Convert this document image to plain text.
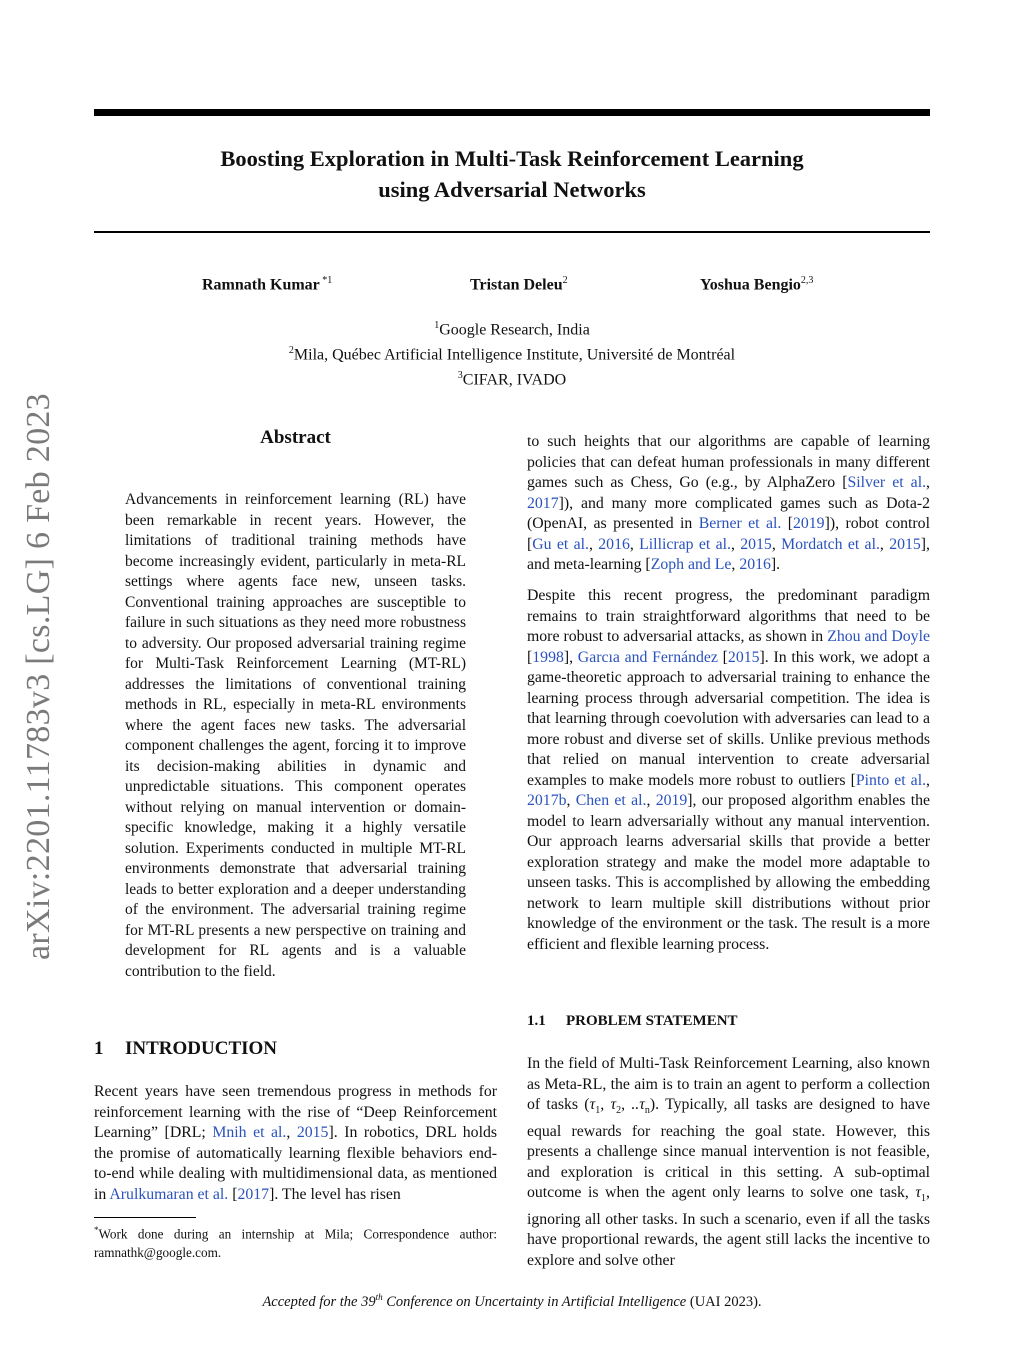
Boosting Exploration in Multi-Task Reinforcement Learning
using Adversarial Networks
Ramnath Kumar $^{*1}$	Tristan Deleu$^2$	Yoshua Bengio$^{2,3}$
$^1$Google Research, India
$^2$Mila, Québec Artificial Intelligence Institute, Université de Montréal
$^3$CIFAR, IVADO
arXiv:2201.11783v3 [cs.LG] 6 Feb 2023	Abstract
Advancements in reinforcement learning (RL) have been remarkable in recent years. However, the limitations of traditional training methods have become increasingly evident, particularly in meta-RL settings where agents face new, unseen tasks. Conventional training approaches are susceptible to failure in such situations as they need more robustness to adversity. Our proposed adversarial training regime for Multi-Task Reinforcement Learning (MT-RL) addresses the limitations of conventional training methods in RL, especially in meta-RL environments where the agent faces new tasks. The adversarial component challenges the agent, forcing it to improve its decision-making abilities in dynamic and unpredictable situations. This component operates without relying on manual intervention or domain-specific knowledge, making it a highly versatile solution. Experiments conducted in multiple MT-RL environments demonstrate that adversarial training leads to better exploration and a deeper understanding of the environment. The adversarial training regime for MT-RL presents a new perspective on training and development for RL agents and is a valuable contribution to the field.
1 INTRODUCTION

Recent years have seen tremendous progress in methods for reinforcement learning with the rise of “Deep Reinforcement Learning” [DRL; Mnih et al., 2015]. In robotics, DRL holds the promise of automatically learning flexible behaviors end-to-end while dealing with multidimensional data, as mentioned in Arulkumaran et al. [2017]. The level has risen

*Work done during an internship at Mila; Correspondence author: ramnathk@google.com.

to such heights that our algorithms are capable of learning policies that can defeat human professionals in many different games such as Chess, Go (e.g., by AlphaZero [Silver et al., 2017]), and many more complicated games such as Dota-2 (OpenAI, as presented in Berner et al. [2019]), robot control [Gu et al., 2016, Lillicrap et al., 2015, Mordatch et al., 2015], and meta-learning [Zoph and Le, 2016].

Despite this recent progress, the predominant paradigm remains to train straightforward algorithms that need to be more robust to adversarial attacks, as shown in Zhou and Doyle [1998], Garcıa and Fernández [2015]. In this work, we adopt a game-theoretic approach to adversarial training to enhance the learning process through adversarial competition. The idea is that learning through coevolution with adversaries can lead to a more robust and diverse set of skills. Unlike previous methods that relied on manual intervention to create adversarial examples to make models more robust to outliers [Pinto et al., 2017b, Chen et al., 2019], our proposed algorithm enables the model to learn adversarially without any manual intervention. Our approach learns adversarial skills that provide a better exploration strategy and make the model more adaptable to unseen tasks. This is accomplished by allowing the embedding network to learn multiple skill distributions without prior knowledge of the environment or the task. The result is a more efficient and flexible learning process.

1.1 PROBLEM STATEMENT

In the field of Multi-Task Reinforcement Learning, also known as Meta-RL, the aim is to train an agent to perform a collection of tasks ($\tau_1$, $\tau_2$, $..\tau_n$). Typically, all tasks are designed to have equal rewards for reaching the goal state. However, this presents a challenge since manual intervention is not feasible, and exploration is critical in this setting. A sub-optimal outcome is when the agent only learns to solve one task, $\tau_1$, ignoring all other tasks. In such a scenario, even if all the tasks have proportional rewards, the agent still lacks the incentive to explore and solve other

Accepted for the 39th Conference on Uncertainty in Artificial Intelligence (UAI 2023).
